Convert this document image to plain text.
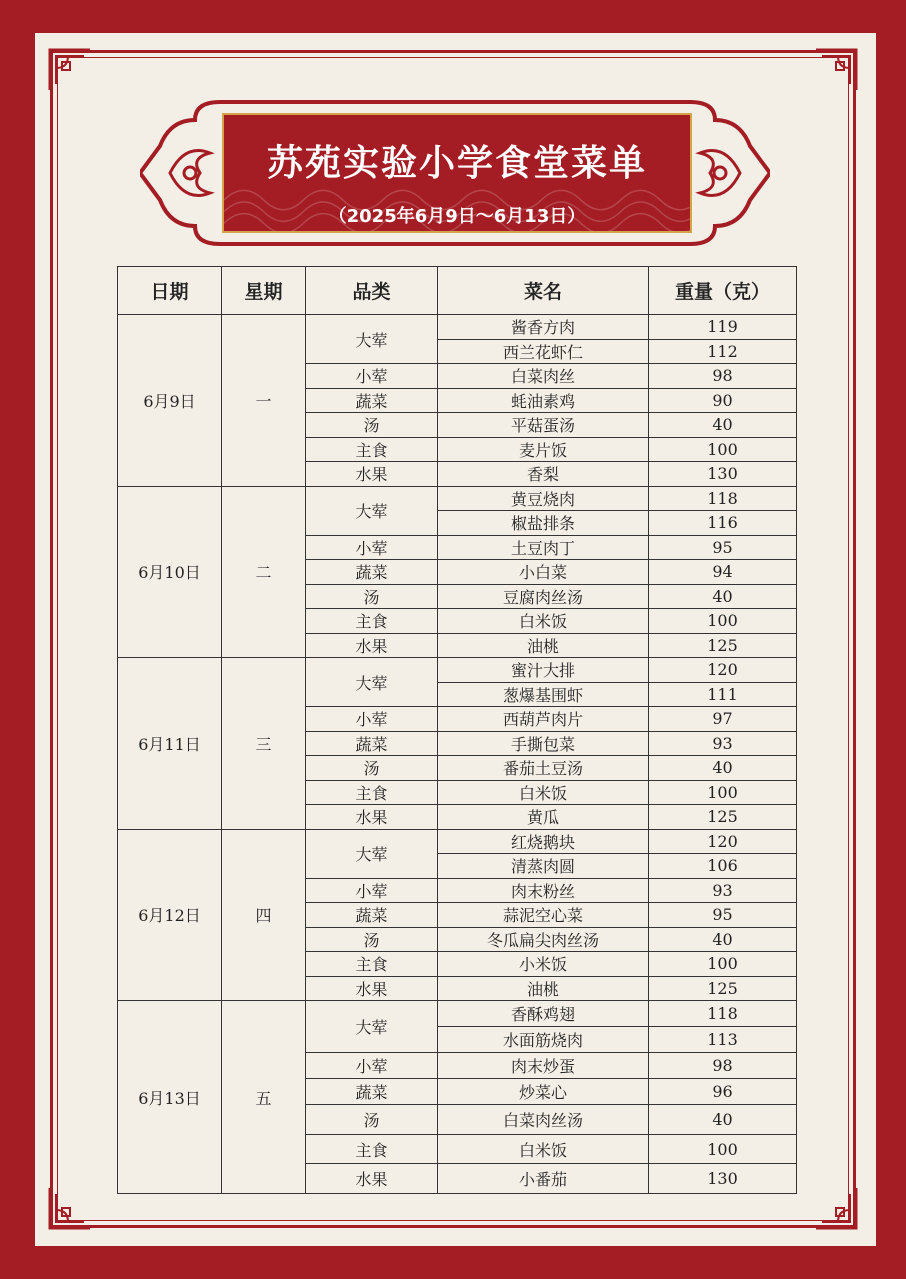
苏苑实验小学食堂菜单
（2025年6月9日～6月13日）
日期	星期	品类	菜名	重量（克）
6月9日	一	大荤	酱香方肉	119
			西兰花虾仁	112
		小荤	白菜肉丝	98
		蔬菜	蚝油素鸡	90
		汤	平菇蛋汤	40
		主食	麦片饭	100
		水果	香梨	130
6月10日	二	大荤	黄豆烧肉	118
			椒盐排条	116
		小荤	土豆肉丁	95
		蔬菜	小白菜	94
		汤	豆腐肉丝汤	40
		主食	白米饭	100
		水果	油桃	125
6月11日	三	大荤	蜜汁大排	120
			葱爆基围虾	111
		小荤	西葫芦肉片	97
		蔬菜	手撕包菜	93
		汤	番茄土豆汤	40
		主食	白米饭	100
		水果	黄瓜	125
6月12日	四	大荤	红烧鹅块	120
			清蒸肉圆	106
		小荤	肉末粉丝	93
		蔬菜	蒜泥空心菜	95
		汤	冬瓜扁尖肉丝汤	40
		主食	小米饭	100
		水果	油桃	125
6月13日	五	大荤	香酥鸡翅	118
			水面筋烧肉	113
		小荤	肉末炒蛋	98
		蔬菜	炒菜心	96
		汤	白菜肉丝汤	40
		主食	白米饭	100
		水果	小番茄	130
